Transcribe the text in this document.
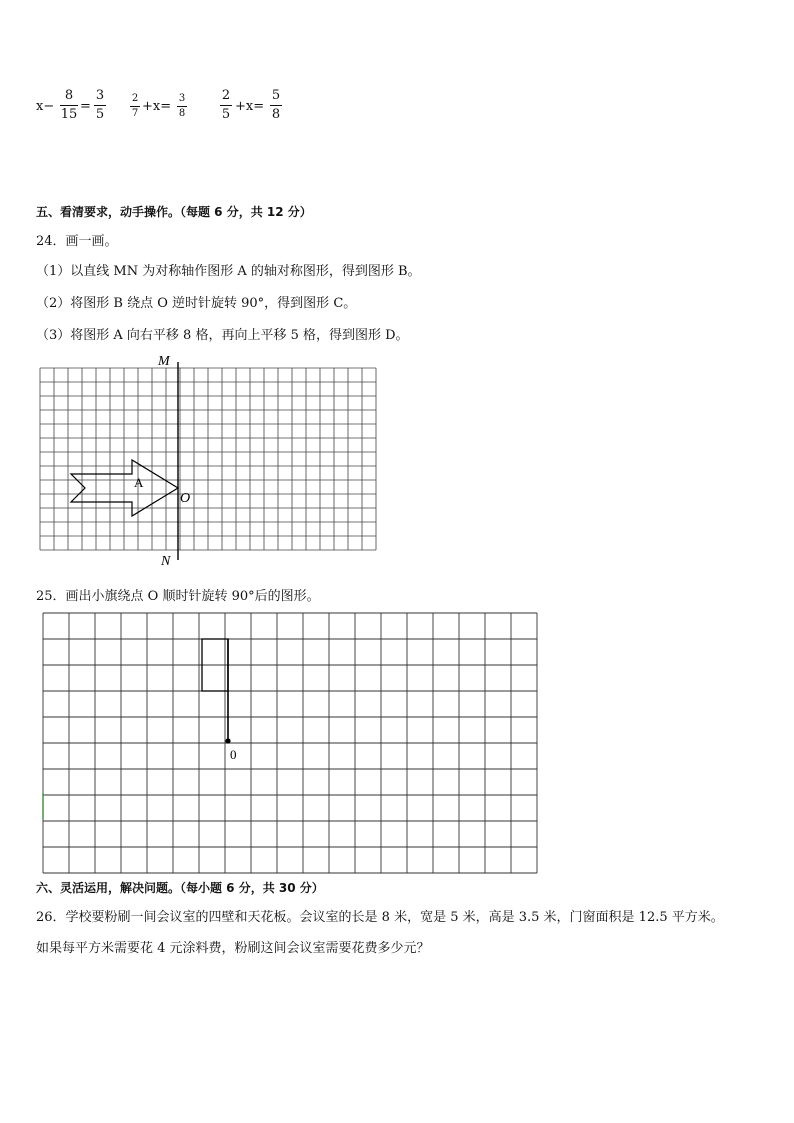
x−
8
15
=
3
5
2
7 +x=
3
8
2
5
+x=
5
8
五、看清要求，动手操作。（每题 6 分，共 12 分）
24．画一画。
（1）以直线 MN 为对称轴作图形 A 的轴对称图形，得到图形 B。
（2）将图形 B 绕点 O 逆时针旋转 90°，得到图形 C。
（3）将图形 A 向右平移 8 格，再向上平移 5 格，得到图形 D。
M
N
O
A
25．画出小旗绕点 O 顺时针旋转 90°后的图形。
0
六、灵活运用，解决问题。（每小题 6 分，共 30 分）
26．学校要粉刷一间会议室的四壁和天花板。会议室的长是 8 米，宽是 5 米，高是 3.5 米，门窗面积是 12.5 平方米。
如果每平方米需要花 4 元涂料费，粉刷这间会议室需要花费多少元？
